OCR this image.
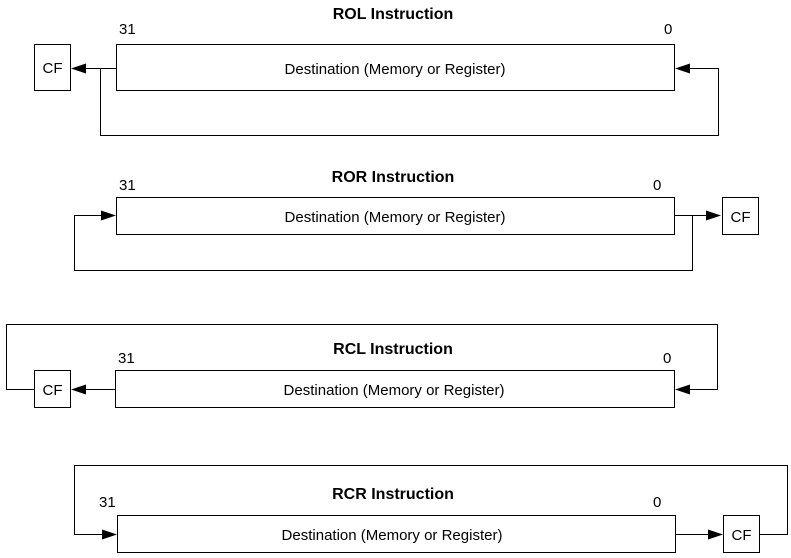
ROL Instruction
31	0
CF	Destination (Memory or Register)
ROR Instruction
31	0
Destination (Memory or Register)	CF
RCL Instruction
31	0
CF	Destination (Memory or Register)
RCR Instruction
31	0
Destination (Memory or Register)	CF
